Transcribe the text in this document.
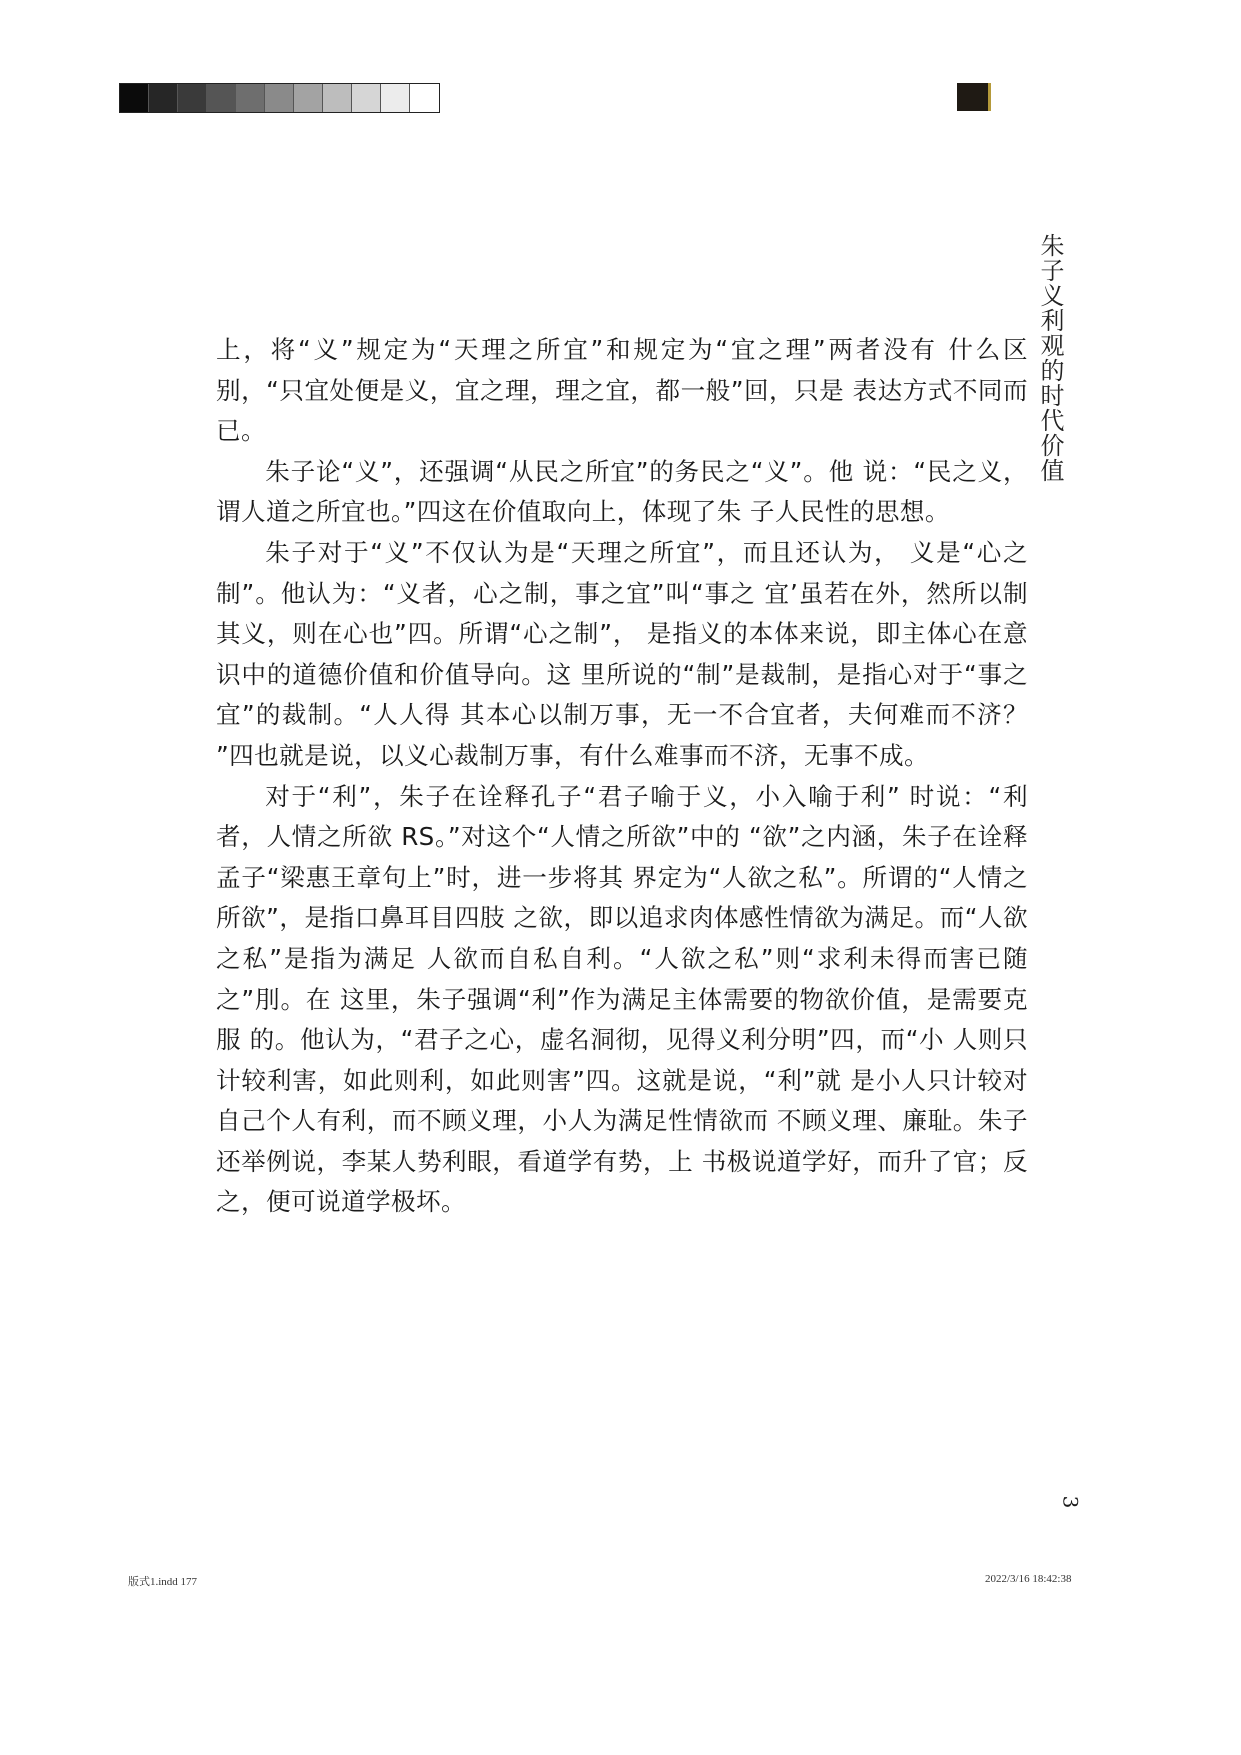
朱子义利观的时代价值

上，将“义”规定为“天理之所宜”和规定为“宜之理”两者没有 什么区别，“只宜处便是义，宜之理，理之宜，都一般”回，只是 表达方式不同而已。

朱子论“义”，还强调“从民之所宜”的务民之“义”。他 说：“民之义，谓人道之所宜也。”四这在价值取向上，体现了朱 子人民性的思想。

朱子对于“义”不仅认为是“天理之所宜”，而且还认为， 义是“心之制”。他认为：“义者，心之制，事之宜”叫“事之 宜’虽若在外，然所以制其义，则在心也”四。所谓“心之制”， 是指义的本体来说，即主体心在意识中的道德价值和价值导向。这 里所说的“制”是裁制，是指心对于“事之宜”的裁制。“人人得 其本心以制万事，无一不合宜者，夫何难而不济？ ”四也就是说，以义心裁制万事，有什么难事而不济，无事不成。

对于“利”，朱子在诠释孔子“君子喻于义，小入喻于利” 时说：“利者，人情之所欲 RS。”对这个“人情之所欲”中的 “欲”之内涵，朱子在诠释孟子“梁惠王章句上”时，进一步将其 界定为“人欲之私”。所谓的“人情之所欲”，是指口鼻耳目四肢 之欲，即以追求肉体感性情欲为满足。而“人欲之私”是指为满足 人欲而自私自利。“人欲之私”则“求利未得而害已随之”刖。在 这里，朱子强调“利”作为满足主体需要的物欲价值，是需要克服 的。他认为，“君子之心，虚名洞彻，见得义利分明”四，而“小 人则只计较利害，如此则利，如此则害”四。这就是说，“利”就 是小人只计较对自己个人有利，而不顾义理，小人为满足性情欲而 不顾义理、廉耻。朱子还举例说，李某人势利眼，看道学有势，上 书极说道学好，而升了官；反之，便可说道学极坏。

3
版式1.indd 177	2022/3/16 18:42:38
